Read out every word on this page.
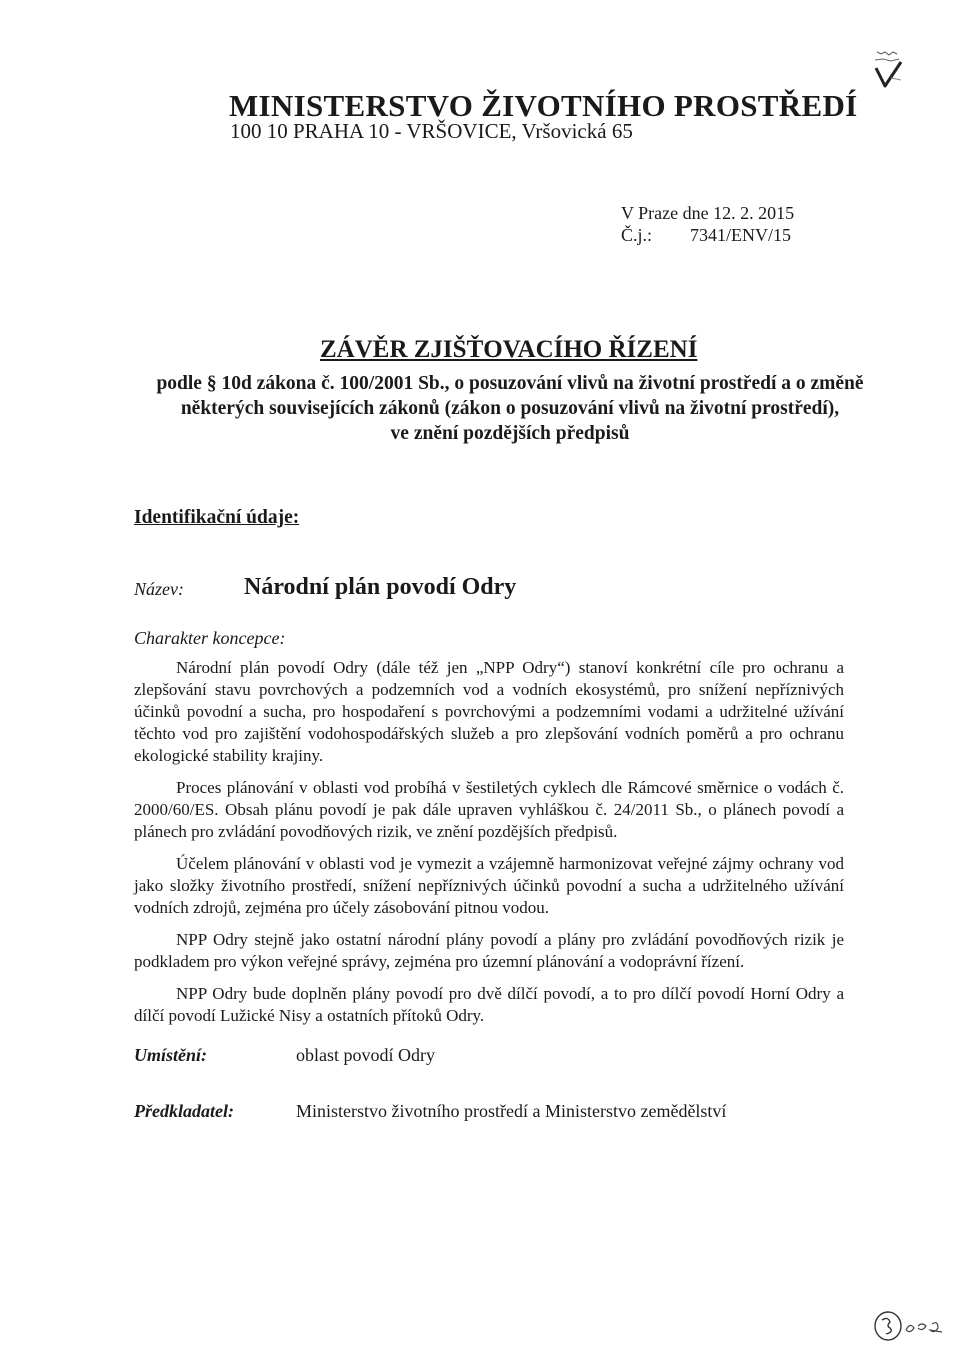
MINISTERSTVO ŽIVOTNÍHO PROSTŘEDÍ
100 10 PRAHA 10 - VRŠOVICE, Vršovická 65
V Praze dne 12. 2. 2015
Č.j.: 7341/ENV/15
ZÁVĚR ZJIŠŤOVACÍHO ŘÍZENÍ
podle § 10d zákona č. 100/2001 Sb., o posuzování vlivů na životní prostředí a o změně
některých souvisejících zákonů (zákon o posuzování vlivů na životní prostředí),
ve znění pozdějších předpisů
Identifikační údaje:
Název:	Národní plán povodí Odry
Charakter koncepce:

Národní plán povodí Odry (dále též jen „NPP Odry“) stanoví konkrétní cíle pro ochranu a zlepšování stavu povrchových a podzemních vod a vodních ekosystémů, pro snížení nepříznivých účinků povodní a sucha, pro hospodaření s povrchovými a podzemními vodami a udržitelné užívání těchto vod pro zajištění vodohospodářských služeb a pro zlepšování vodních poměrů a pro ochranu ekologické stability krajiny.

Proces plánování v oblasti vod probíhá v šestiletých cyklech dle Rámcové směrnice o vodách č. 2000/60/ES. Obsah plánu povodí je pak dále upraven vyhláškou č. 24/2011 Sb., o plánech povodí a plánech pro zvládání povodňových rizik, ve znění pozdějších předpisů.

Účelem plánování v oblasti vod je vymezit a vzájemně harmonizovat veřejné zájmy ochrany vod jako složky životního prostředí, snížení nepříznivých účinků povodní a sucha a udržitelného užívání vodních zdrojů, zejména pro účely zásobování pitnou vodou.

NPP Odry stejně jako ostatní národní plány povodí a plány pro zvládání povodňových rizik je podkladem pro výkon veřejné správy, zejména pro územní plánování a vodoprávní řízení.

NPP Odry bude doplněn plány povodí pro dvě dílčí povodí, a to pro dílčí povodí Horní Odry a dílčí povodí Lužické Nisy a ostatních přítoků Odry.

Umístění:	oblast povodí Odry
Předkladatel:	Ministerstvo životního prostředí a Ministerstvo zemědělství
